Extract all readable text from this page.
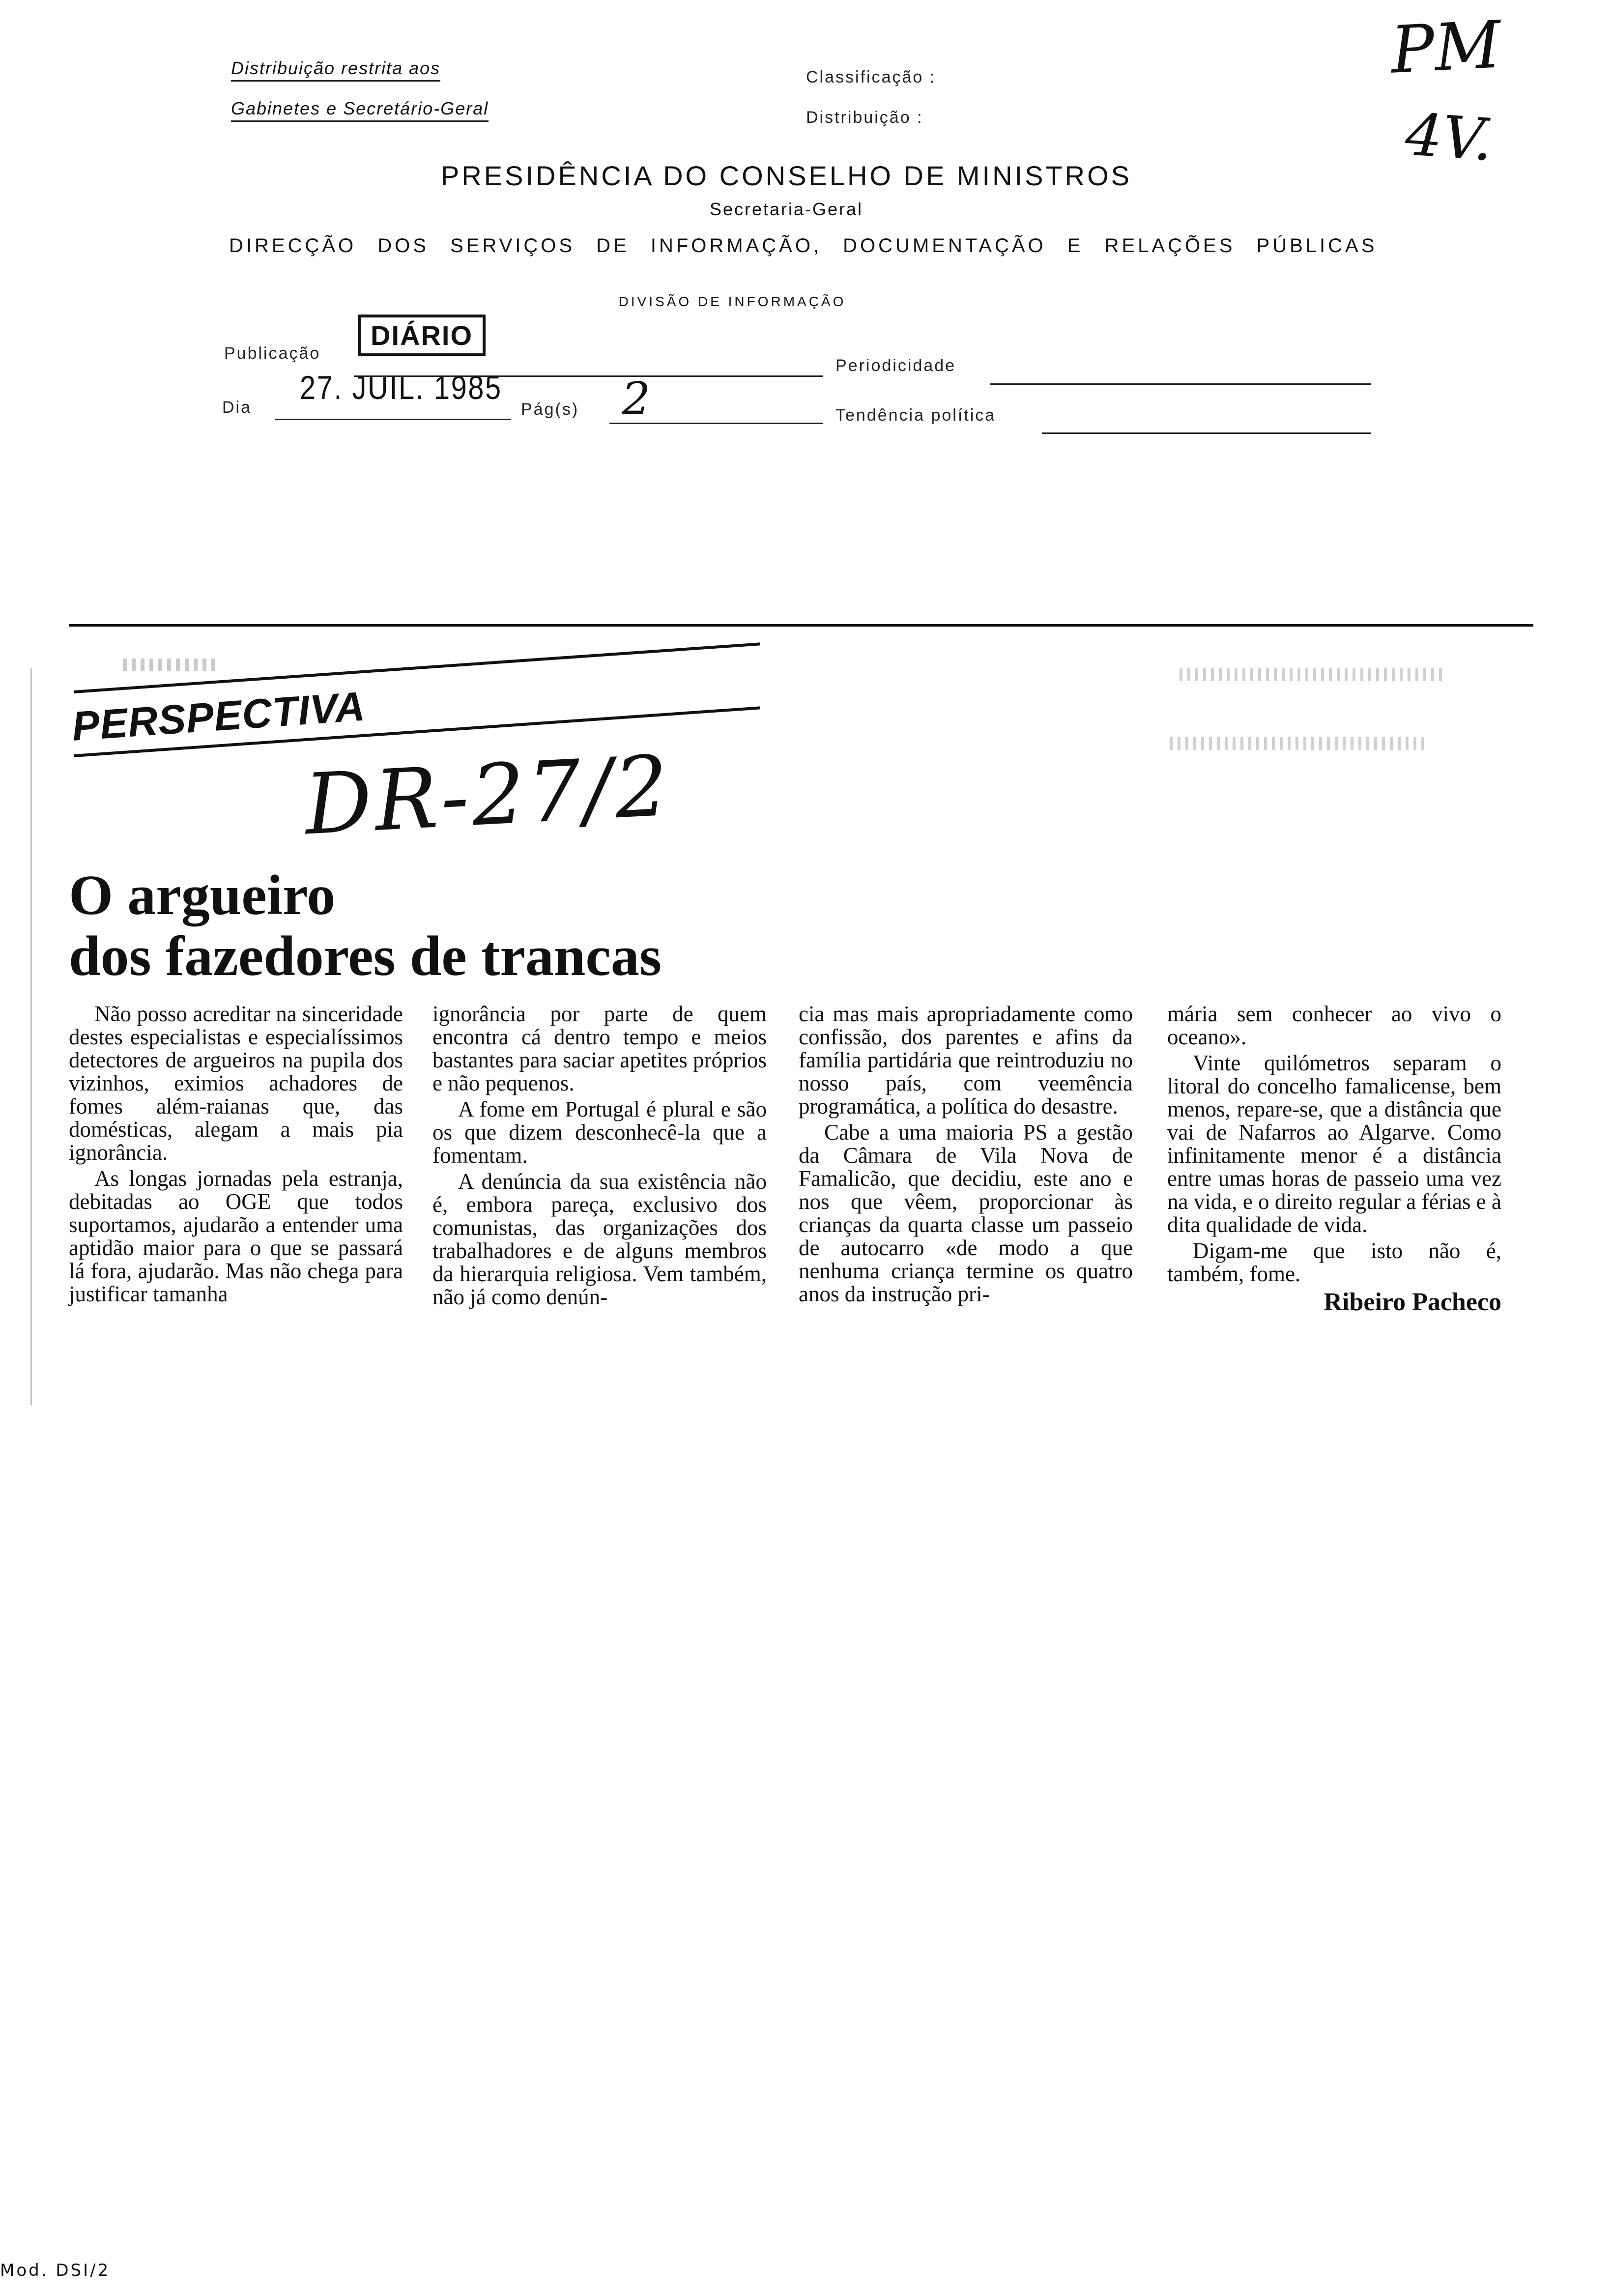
Distribuição restrita aos
Gabinetes e Secretário-Geral
Classificação :
Distribuição :
PRESIDÊNCIA DO CONSELHO DE MINISTROS
Secretaria-Geral
DIRECÇÃO DOS SERVIÇOS DE INFORMAÇÃO, DOCUMENTAÇÃO E RELAÇÕES PÚBLICAS
DIVISÃO DE INFORMAÇÃO
Publicação
DIÁRIO
Periodicidade
Dia
27. JUIL. 1985
Pág(s) 2	Tendência política
PM
4V.
PERSPECTIVA
DR-27/2
O argueiro
dos fazedores de trancas

Não posso acreditar na sinceridade destes especialistas e especialíssimos detectores de argueiros na pupila dos vizinhos, eximios achadores de fomes além-raianas que, das domésticas, alegam a mais pia ignorância.

As longas jornadas pela estranja, debitadas ao OGE que todos suportamos, ajudarão a entender uma aptidão maior para o que se passará lá fora, ajudarão. Mas não chega para justificar tamanha

ignorância por parte de quem encontra cá dentro tempo e meios bastantes para saciar apetites próprios e não pequenos.

A fome em Portugal é plural e são os que dizem desconhecê-la que a fomentam.

A denúncia da sua existência não é, embora pareça, exclusivo dos comunistas, das organizações dos trabalhadores e de alguns membros da hierarquia religiosa. Vem também, não já como denún-

cia mas mais apropriadamente como confissão, dos parentes e afins da família partidária que reintroduziu no nosso país, com veemência programática, a política do desastre.

Cabe a uma maioria PS a gestão da Câmara de Vila Nova de Famalicão, que decidiu, este ano e nos que vêem, proporcionar às crianças da quarta classe um passeio de autocarro «de modo a que nenhuma criança termine os quatro anos da instrução pri-

mária sem conhecer ao vivo o oceano».

Vinte quilómetros separam o litoral do concelho famalicense, bem menos, repare-se, que a distância que vai de Nafarros ao Algarve. Como infinitamente menor é a distância entre umas horas de passeio uma vez na vida, e o direito regular a férias e à dita qualidade de vida.

Digam-me que isto não é, também, fome.

Ribeiro Pacheco
Mod. DSI/2
